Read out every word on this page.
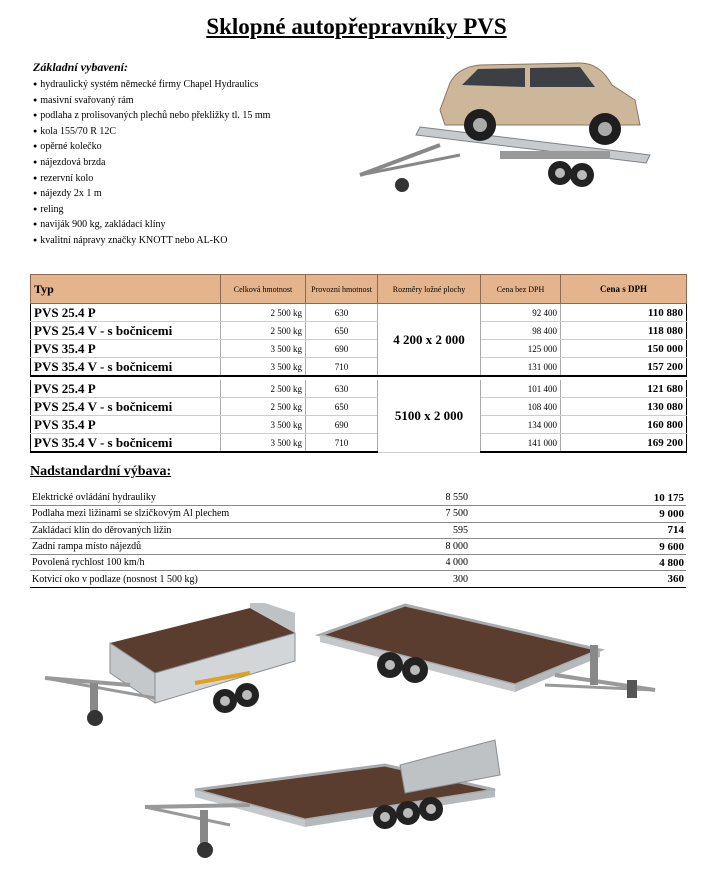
Sklopné autopřepravníky PVS
Základní vybavení:
● hydraulický systém německé firmy Chapel Hydraulics
● masivní svařovaný rám
● podlaha z prolisovaných plechů nebo překližky tl. 15 mm
● kola 155/70 R 12C
● opěrné kolečko
● nájezdová brzda
● rezervní kolo
● nájezdy 2x 1 m
● reling
● naviják 900 kg, zakládací klíny
● kvalitní nápravy značky KNOTT nebo AL-KO
Typ	Celková hmotnost	Provozní hmotnost	Rozměry ložné plochy	Cena bez DPH	Cena s DPH
PVS 25.4 P	2 500 kg	630	4 200 x 2 000	92 400	110 880
PVS 25.4 V - s bočnicemi	2 500 kg	650		98 400	118 080
PVS 35.4 P	3 500 kg	690		125 000	150 000
PVS 35.4 V - s bočnicemi	3 500 kg	710		131 000	157 200

PVS 25.4 P	2 500 kg	630	5100 x 2 000	101 400	121 680
PVS 25.4 V - s bočnicemi	2 500 kg	650		108 400	130 080
PVS 35.4 P	3 500 kg	690		134 000	160 800
PVS 35.4 V - s bočnicemi	3 500 kg	710		141 000	169 200
Nadstandardní výbava:
Elektrické ovládání hydrauliky	8 550	10 175
Podlaha mezi ližinami se slzičkovým Al plechem	7 500	9 000
Zakládací klín do děrovaných ližin	595	714
Zadní rampa místo nájezdů	8 000	9 600
Povolená rychlost 100 km/h	4 000	4 800
Kotvicí oko v podlaze (nosnost 1 500 kg)	300	360
